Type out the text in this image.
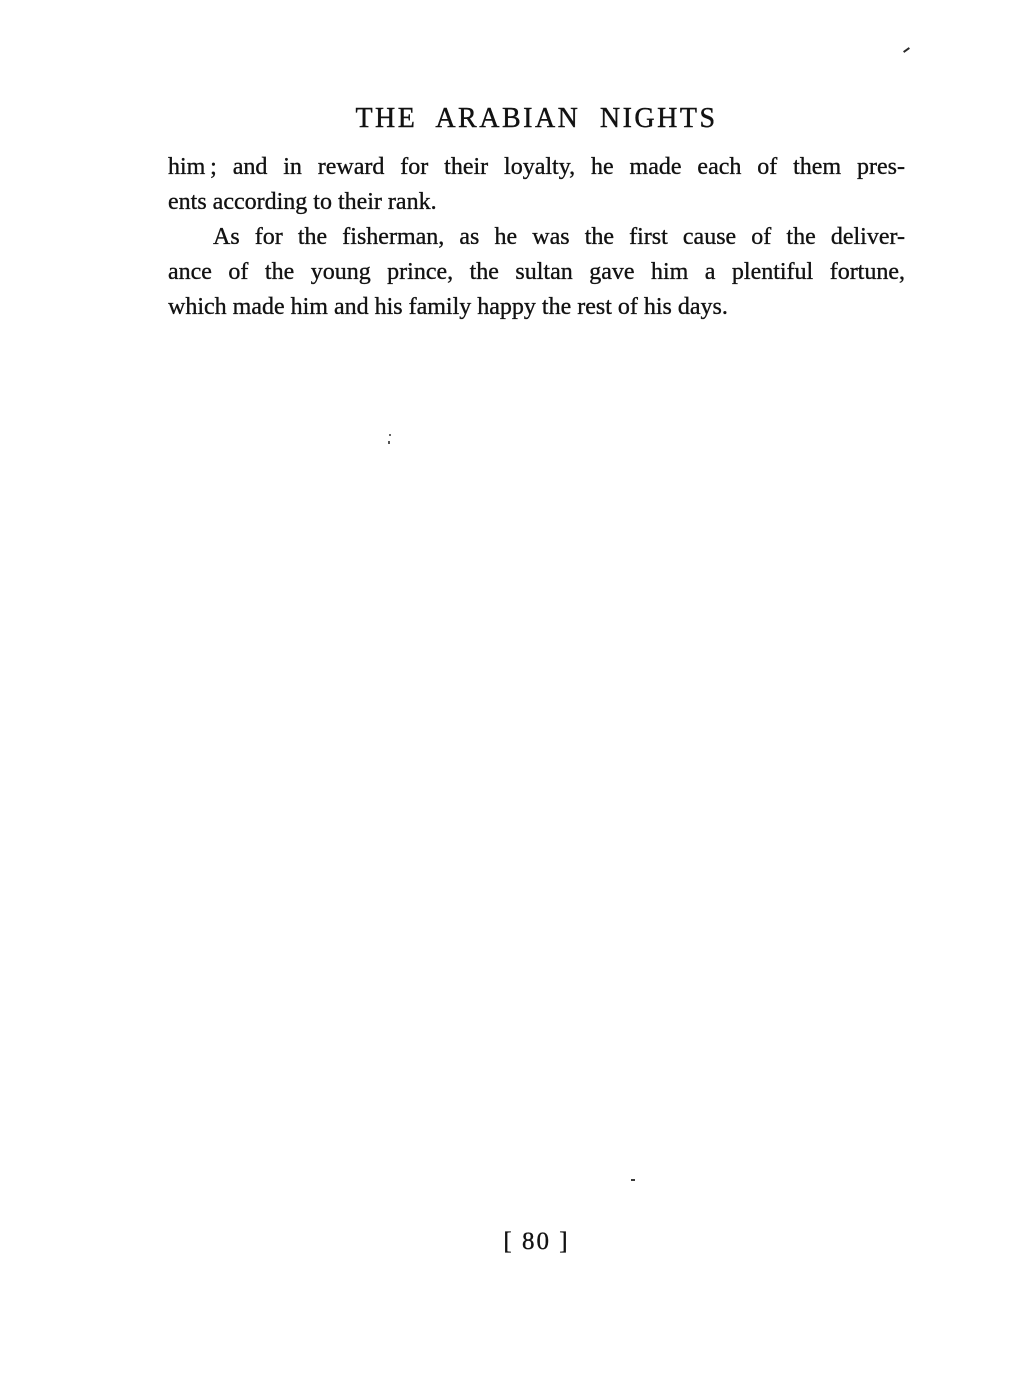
THE ARABIAN NIGHTS
him ; and in reward for their loyalty, he made each of them pres-
ents according to their rank.
As for the fisherman, as he was the first cause of the deliver-
ance of the young prince, the sultan gave him a plentiful fortune,
which made him and his family happy the rest of his days.
[ 80 ]
